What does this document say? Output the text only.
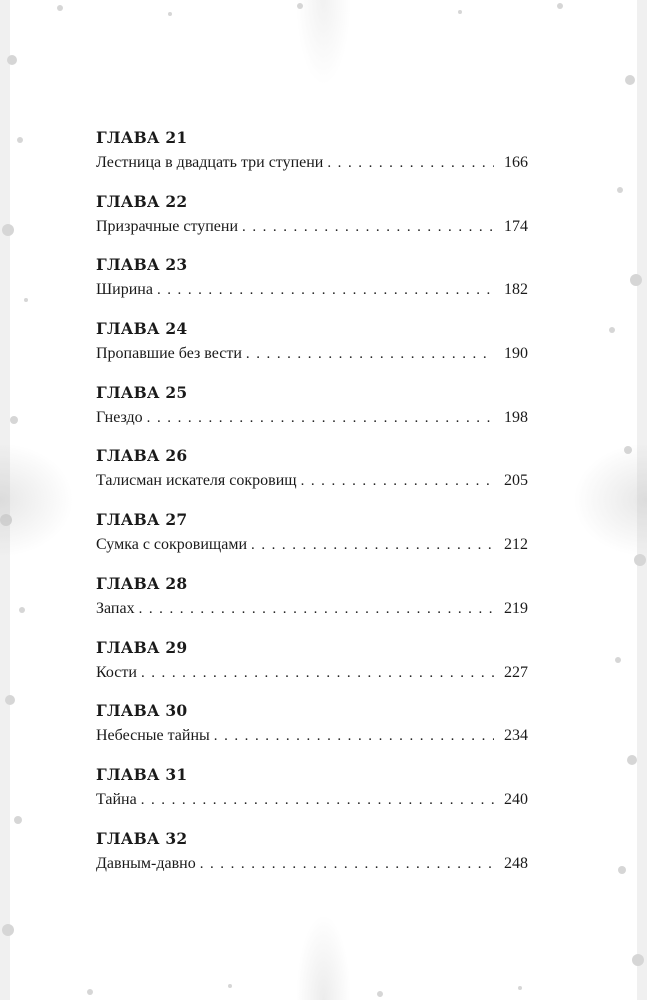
ГЛАВА 21
Лестница в двадцать три ступени . . .	166
ГЛАВА 22
Призрачные ступени . . .	174
ГЛАВА 23
Ширина . . .	182
ГЛАВА 24
Пропавшие без вести . . .	190
ГЛАВА 25
Гнездо . . .	198
ГЛАВА 26
Талисман искателя сокровищ . . .	205
ГЛАВА 27
Сумка с сокровищами . . .	212
ГЛАВА 28
Запах . . .	219
ГЛАВА 29
Кости . . .	227
ГЛАВА 30
Небесные тайны . . .	234
ГЛАВА 31
Тайна . . .	240
ГЛАВА 32
Давным-давно . . .	248
